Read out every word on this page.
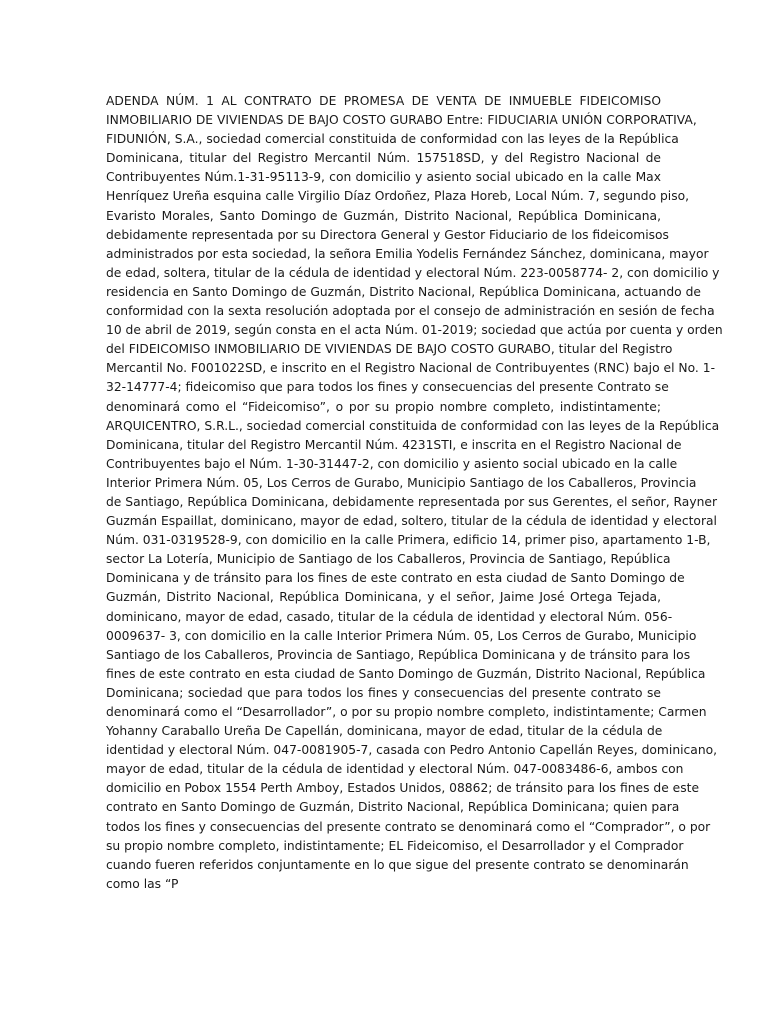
ADENDA NÚM. 1 AL CONTRATO DE PROMESA DE VENTA DE INMUEBLE FIDEICOMISO
INMOBILIARIO DE VIVIENDAS DE BAJO COSTO GURABO Entre: FIDUCIARIA UNIÓN CORPORATIVA,
FIDUNIÓN, S.A., sociedad comercial constituida de conformidad con las leyes de la República
Dominicana, titular del Registro Mercantil Núm. 157518SD, y del Registro Nacional de
Contribuyentes Núm.1-31-95113-9, con domicilio y asiento social ubicado en la calle Max
Henríquez Ureña esquina calle Virgilio Díaz Ordoñez, Plaza Horeb, Local Núm. 7, segundo piso,
Evaristo Morales, Santo Domingo de Guzmán, Distrito Nacional, República Dominicana,
debidamente representada por su Directora General y Gestor Fiduciario de los fideicomisos
administrados por esta sociedad, la señora Emilia Yodelis Fernández Sánchez, dominicana, mayor
de edad, soltera, titular de la cédula de identidad y electoral Núm. 223-0058774- 2, con domicilio y
residencia en Santo Domingo de Guzmán, Distrito Nacional, República Dominicana, actuando de
conformidad con la sexta resolución adoptada por el consejo de administración en sesión de fecha
10 de abril de 2019, según consta en el acta Núm. 01-2019; sociedad que actúa por cuenta y orden
del FIDEICOMISO INMOBILIARIO DE VIVIENDAS DE BAJO COSTO GURABO, titular del Registro
Mercantil No. F001022SD, e inscrito en el Registro Nacional de Contribuyentes (RNC) bajo el No. 1-
32-14777-4; fideicomiso que para todos los fines y consecuencias del presente Contrato se
denominará como el “Fideicomiso”, o por su propio nombre completo, indistintamente;
ARQUICENTRO, S.R.L., sociedad comercial constituida de conformidad con las leyes de la República
Dominicana, titular del Registro Mercantil Núm. 4231STI, e inscrita en el Registro Nacional de
Contribuyentes bajo el Núm. 1-30-31447-2, con domicilio y asiento social ubicado en la calle
Interior Primera Núm. 05, Los Cerros de Gurabo, Municipio Santiago de los Caballeros, Provincia
de Santiago, República Dominicana, debidamente representada por sus Gerentes, el señor, Rayner
Guzmán Espaillat, dominicano, mayor de edad, soltero, titular de la cédula de identidad y electoral
Núm. 031-0319528-9, con domicilio en la calle Primera, edificio 14, primer piso, apartamento 1-B,
sector La Lotería, Municipio de Santiago de los Caballeros, Provincia de Santiago, República
Dominicana y de tránsito para los fines de este contrato en esta ciudad de Santo Domingo de
Guzmán, Distrito Nacional, República Dominicana, y el señor, Jaime José Ortega Tejada,
dominicano, mayor de edad, casado, titular de la cédula de identidad y electoral Núm. 056-
0009637- 3, con domicilio en la calle Interior Primera Núm. 05, Los Cerros de Gurabo, Municipio
Santiago de los Caballeros, Provincia de Santiago, República Dominicana y de tránsito para los
fines de este contrato en esta ciudad de Santo Domingo de Guzmán, Distrito Nacional, República
Dominicana; sociedad que para todos los fines y consecuencias del presente contrato se
denominará como el “Desarrollador”, o por su propio nombre completo, indistintamente; Carmen
Yohanny Caraballo Ureña De Capellán, dominicana, mayor de edad, titular de la cédula de
identidad y electoral Núm. 047-0081905-7, casada con Pedro Antonio Capellán Reyes, dominicano,
mayor de edad, titular de la cédula de identidad y electoral Núm. 047-0083486-6, ambos con
domicilio en Pobox 1554 Perth Amboy, Estados Unidos, 08862; de tránsito para los fines de este
contrato en Santo Domingo de Guzmán, Distrito Nacional, República Dominicana; quien para
todos los fines y consecuencias del presente contrato se denominará como el “Comprador”, o por
su propio nombre completo, indistintamente; EL Fideicomiso, el Desarrollador y el Comprador
cuando fueren referidos conjuntamente en lo que sigue del presente contrato se denominarán
como las “P
